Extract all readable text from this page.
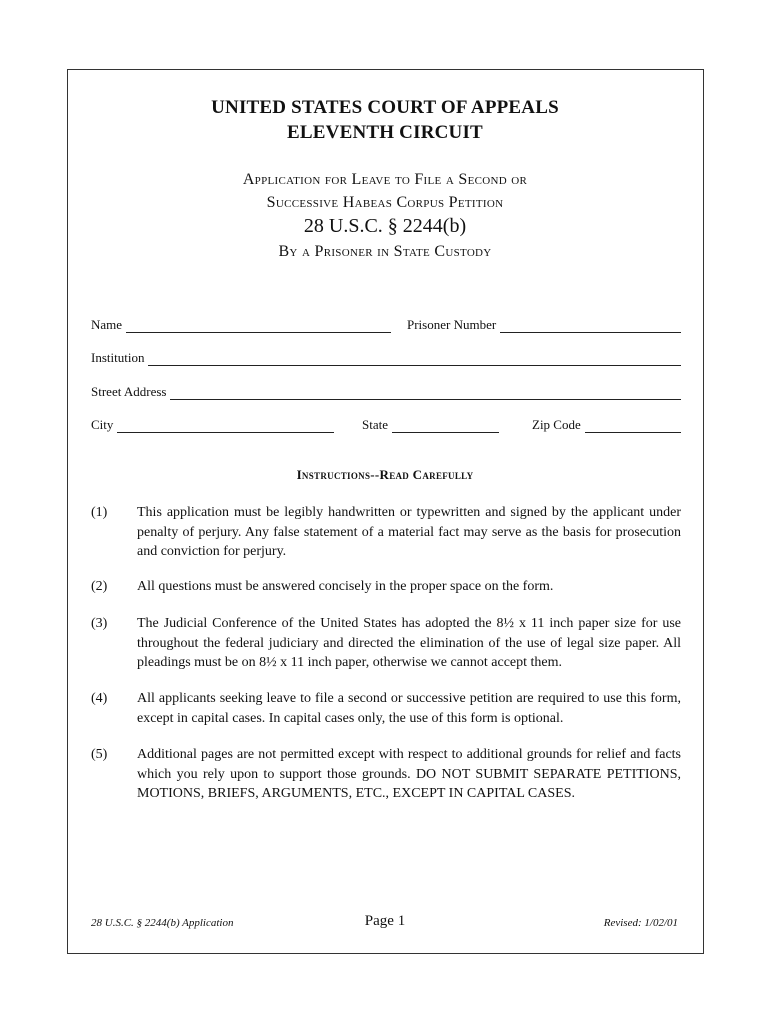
UNITED STATES COURT OF APPEALS
ELEVENTH CIRCUIT
Application for Leave to File a Second or
Successive Habeas Corpus Petition
28 U.S.C. § 2244(b)
By a Prisoner in State Custody
Name	Prisoner Number
Institution
Street Address
City	State	Zip Code
Instructions--Read Carefully
(1) This application must be legibly handwritten or typewritten and signed by the applicant under penalty of perjury. Any false statement of a material fact may serve as the basis for prosecution and conviction for perjury.
(2) All questions must be answered concisely in the proper space on the form.
(3) The Judicial Conference of the United States has adopted the 8½ x 11 inch paper size for use throughout the federal judiciary and directed the elimination of the use of legal size paper. All pleadings must be on 8½ x 11 inch paper, otherwise we cannot accept them.
(4) All applicants seeking leave to file a second or successive petition are required to use this form, except in capital cases. In capital cases only, the use of this form is optional.
(5) Additional pages are not permitted except with respect to additional grounds for relief and facts which you rely upon to support those grounds. DO NOT SUBMIT SEPARATE PETITIONS, MOTIONS, BRIEFS, ARGUMENTS, ETC., EXCEPT IN CAPITAL CASES.
28 U.S.C. § 2244(b) Application	Page 1	Revised: 1/02/01
